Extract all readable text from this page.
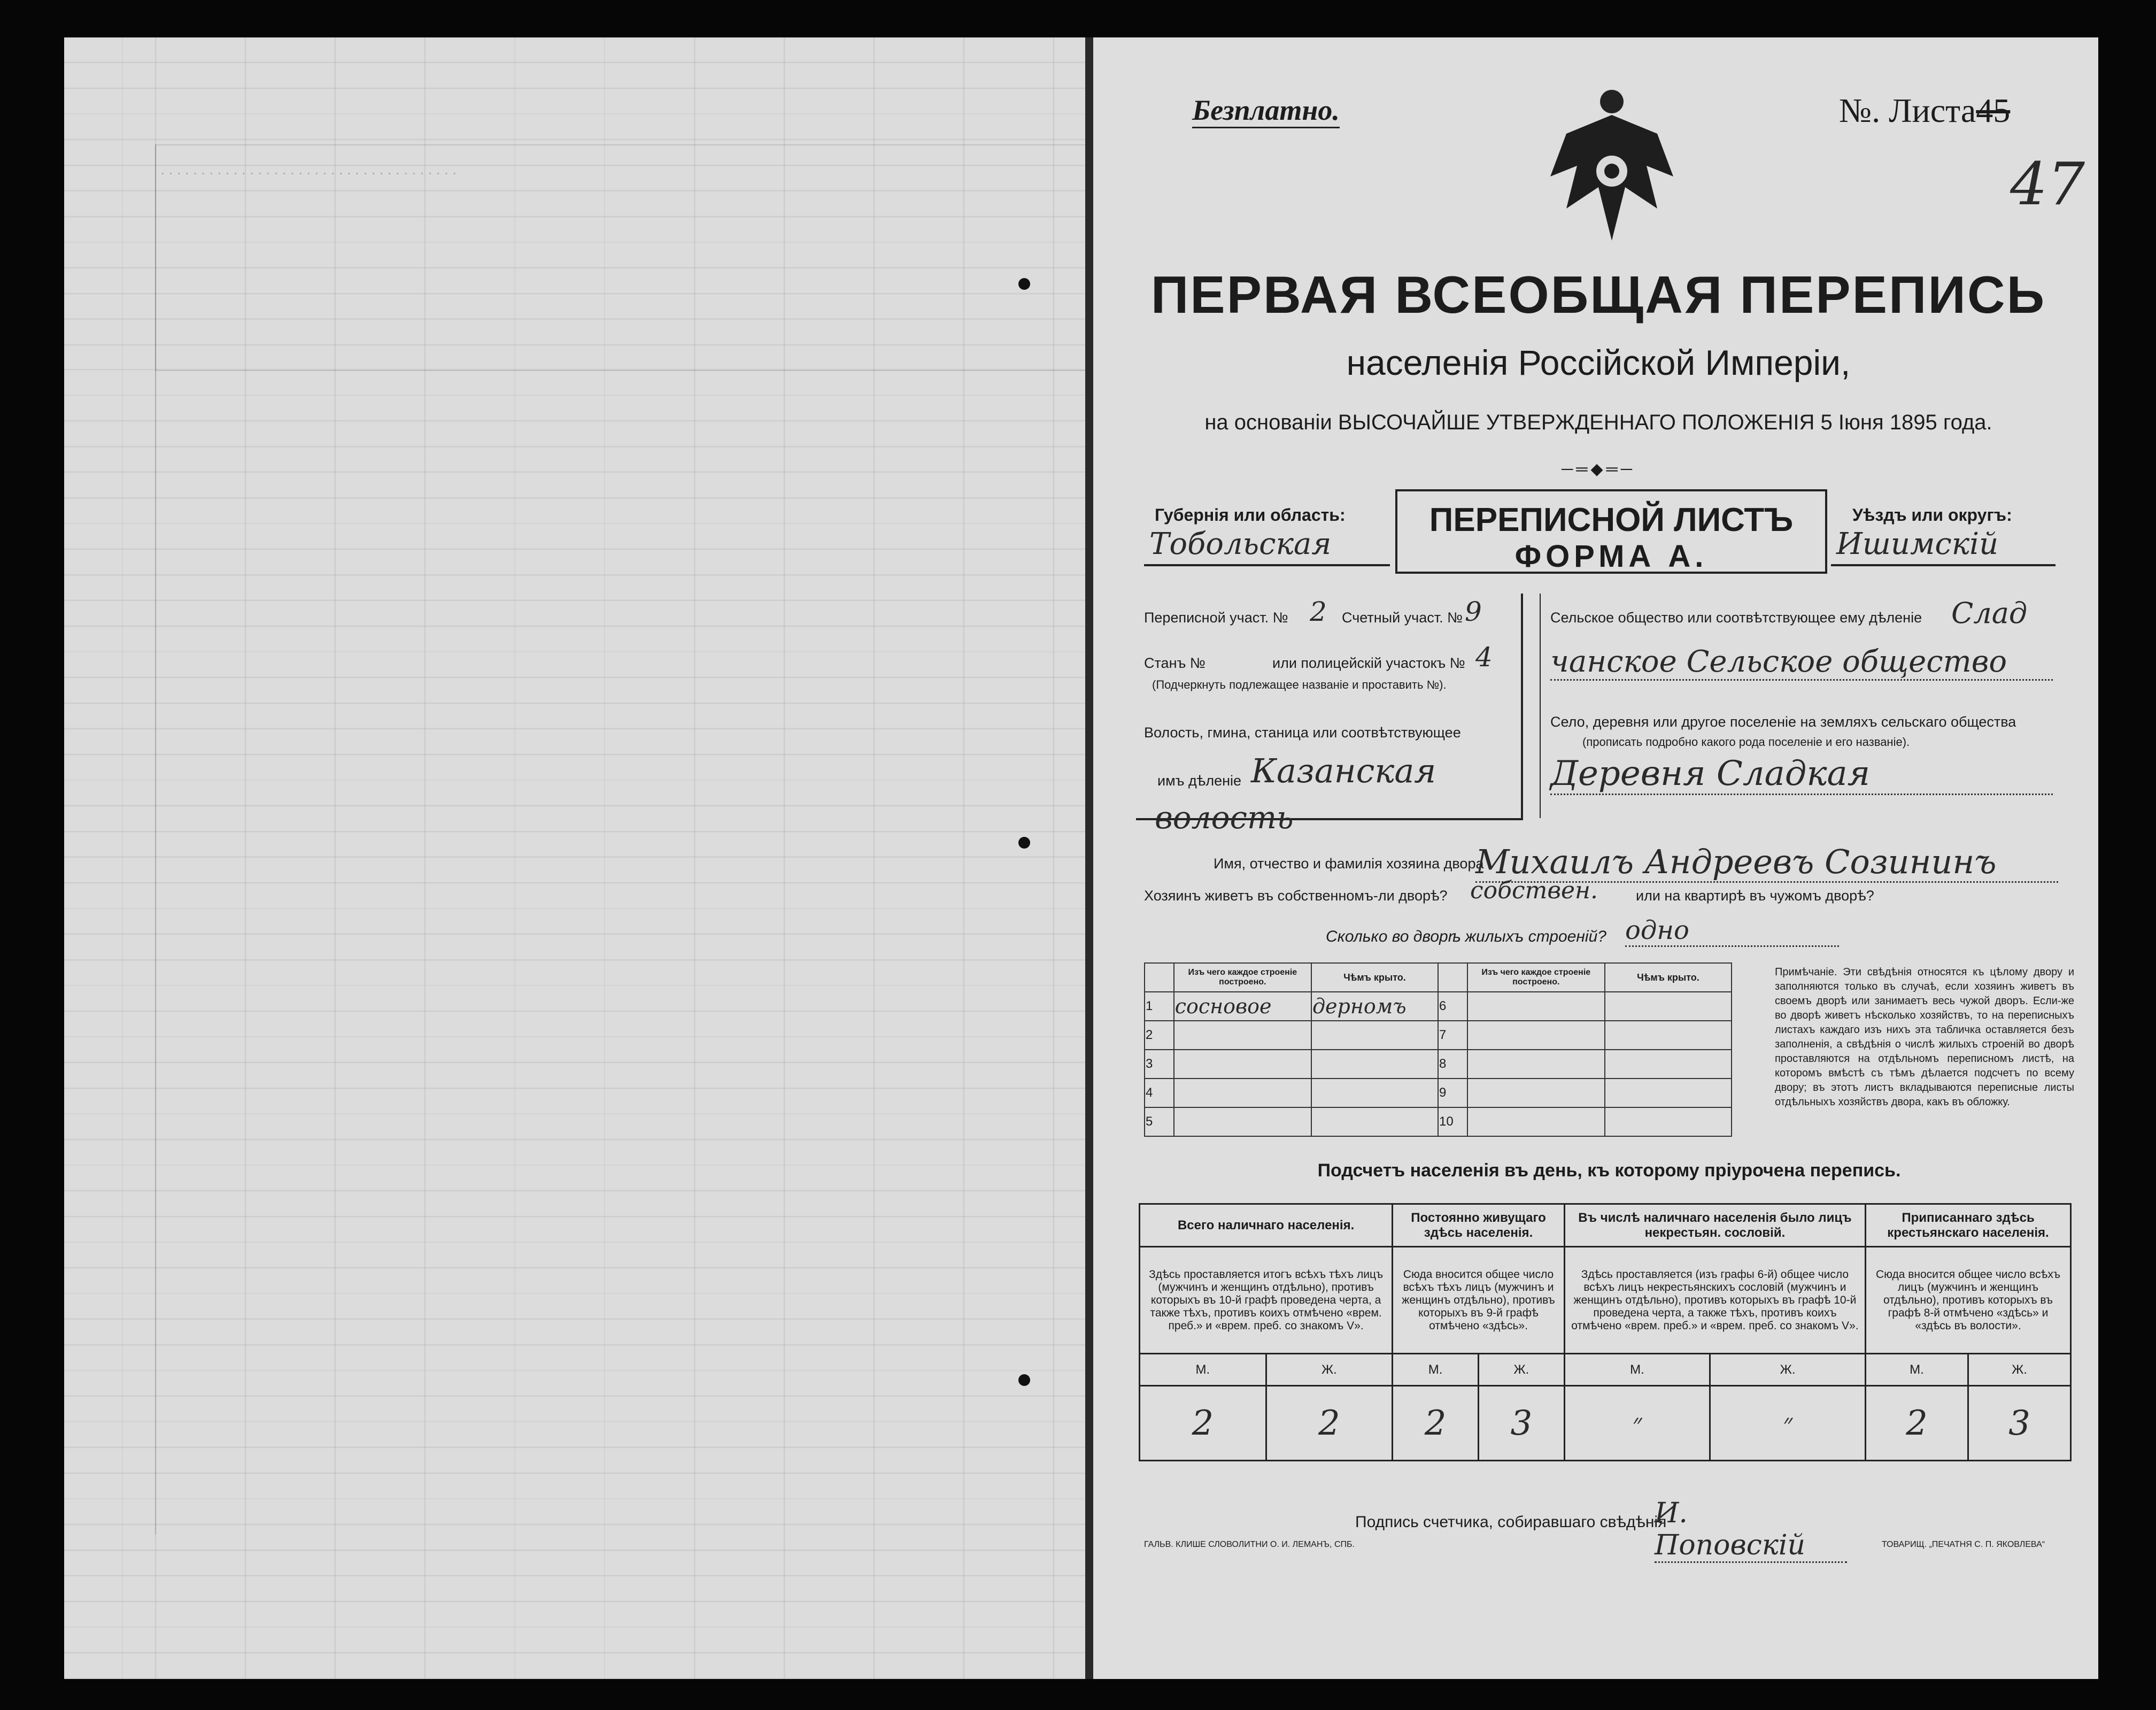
· · · · · · · · · · · · · · · · · · · · · · · · · · · · · · · · · · · · ·
Безплатно.	№. Листа45
47
ПЕРВАЯ ВСЕОБЩАЯ ПЕРЕПИСЬ
населенія Россійской Имперіи,
на основаніи ВЫСОЧАЙШЕ УТВЕРЖДЕННАГО ПОЛОЖЕНІЯ 5 Іюня 1895 года.
─═◆═─
Губернія или область:
Тобольская
ПЕРЕПИСНОЙ ЛИСТЪ
ФОРМА А.
Уѣздъ или округъ:
Ишимскій
Переписной участ. № 2 Счетный участ. № 9
Станъ №	или полицейскій участокъ № 4
(Подчеркнуть подлежащее названіе и проставить №).
Волость, гмина, станица или соотвѣтствующее
имъ дѣленіе Казанская
волость
Сельское общество или соотвѣтствующее ему дѣленіе Слад
чанское Сельское общество
Село, деревня или другое поселеніе на земляхъ сельскаго общества
(прописать подробно какого рода поселеніе и его названіе).
Деревня Сладкая
Имя, отчество и фамилія хозяина двора
Михаилъ Андреевъ Созининъ
Хозяинъ живетъ въ собственномъ-ли дворѣ? собствен.	или на квартирѣ въ чужомъ дворѣ?
Сколько во дворѣ жилыхъ строеній? одно
	Изъ чего каждое строеніе построено.	Чѣмъ крыто.		Изъ чего каждое строеніе построено.	Чѣмъ крыто.
1	сосновое	дерномъ	6		
2			7		
3			8		
4			9		
5			10		
Примѣчаніе. Эти свѣдѣнія относятся къ цѣлому двору и заполняются только въ случаѣ, если хозяинъ живетъ въ своемъ дворѣ или занимаетъ весь чужой дворъ. Если-же во дворѣ живетъ нѣсколько хозяйствъ, то на переписныхъ листахъ каждаго изъ нихъ эта табличка оставляется безъ заполненія, а свѣдѣнія о числѣ жилыхъ строеній во дворѣ проставляются на отдѣльномъ переписномъ листѣ, на которомъ вмѣстѣ съ тѣмъ дѣлается подсчетъ по всему двору; въ этотъ листъ вкладываются переписные листы отдѣльныхъ хозяйствъ двора, какъ въ обложку.
Подсчетъ населенія въ день, къ которому пріурочена перепись.
Всего наличнаго населенія.		Постоянно живущаго здѣсь населенія.		Въ числѣ наличнаго населенія было лицъ некрестьян. сословій.		Приписаннаго здѣсь крестьянскаго населенія.	
Здѣсь проставляется итогъ всѣхъ тѣхъ лицъ (мужчинъ и женщинъ отдѣльно), противъ которыхъ въ 10-й графѣ проведена черта, а также тѣхъ, противъ коихъ отмѣчено «врем. преб.» и «врем. преб. со знакомъ V».		Сюда вносится общее число всѣхъ тѣхъ лицъ (мужчинъ и женщинъ отдѣльно), противъ которыхъ въ 9-й графѣ отмѣчено «здѣсь».		Здѣсь проставляется (изъ графы 6-й) общее число всѣхъ лицъ некрестьянскихъ сословій (мужчинъ и женщинъ отдѣльно), противъ которыхъ въ графѣ 10-й проведена черта, а также тѣхъ, противъ коихъ отмѣчено «врем. преб.» и «врем. преб. со знакомъ V».		Сюда вносится общее число всѣхъ лицъ (мужчинъ и женщинъ отдѣльно), противъ которыхъ въ графѣ 8-й отмѣчено «здѣсь» и «здѣсь въ волости».	
М.	Ж.	М.	Ж.	М.	Ж.	М.	Ж.
2	2	2	3	״	״	2	3
Подпись счетчика, собиравшаго свѣдѣнія
И. Поповскій
ГАЛЬВ. КЛИШЕ СЛОВОЛИТНИ О. И. ЛЕМАНЪ, СПБ.	ТОВАРИЩ. „ПЕЧАТНЯ С. П. ЯКОВЛЕВА“
